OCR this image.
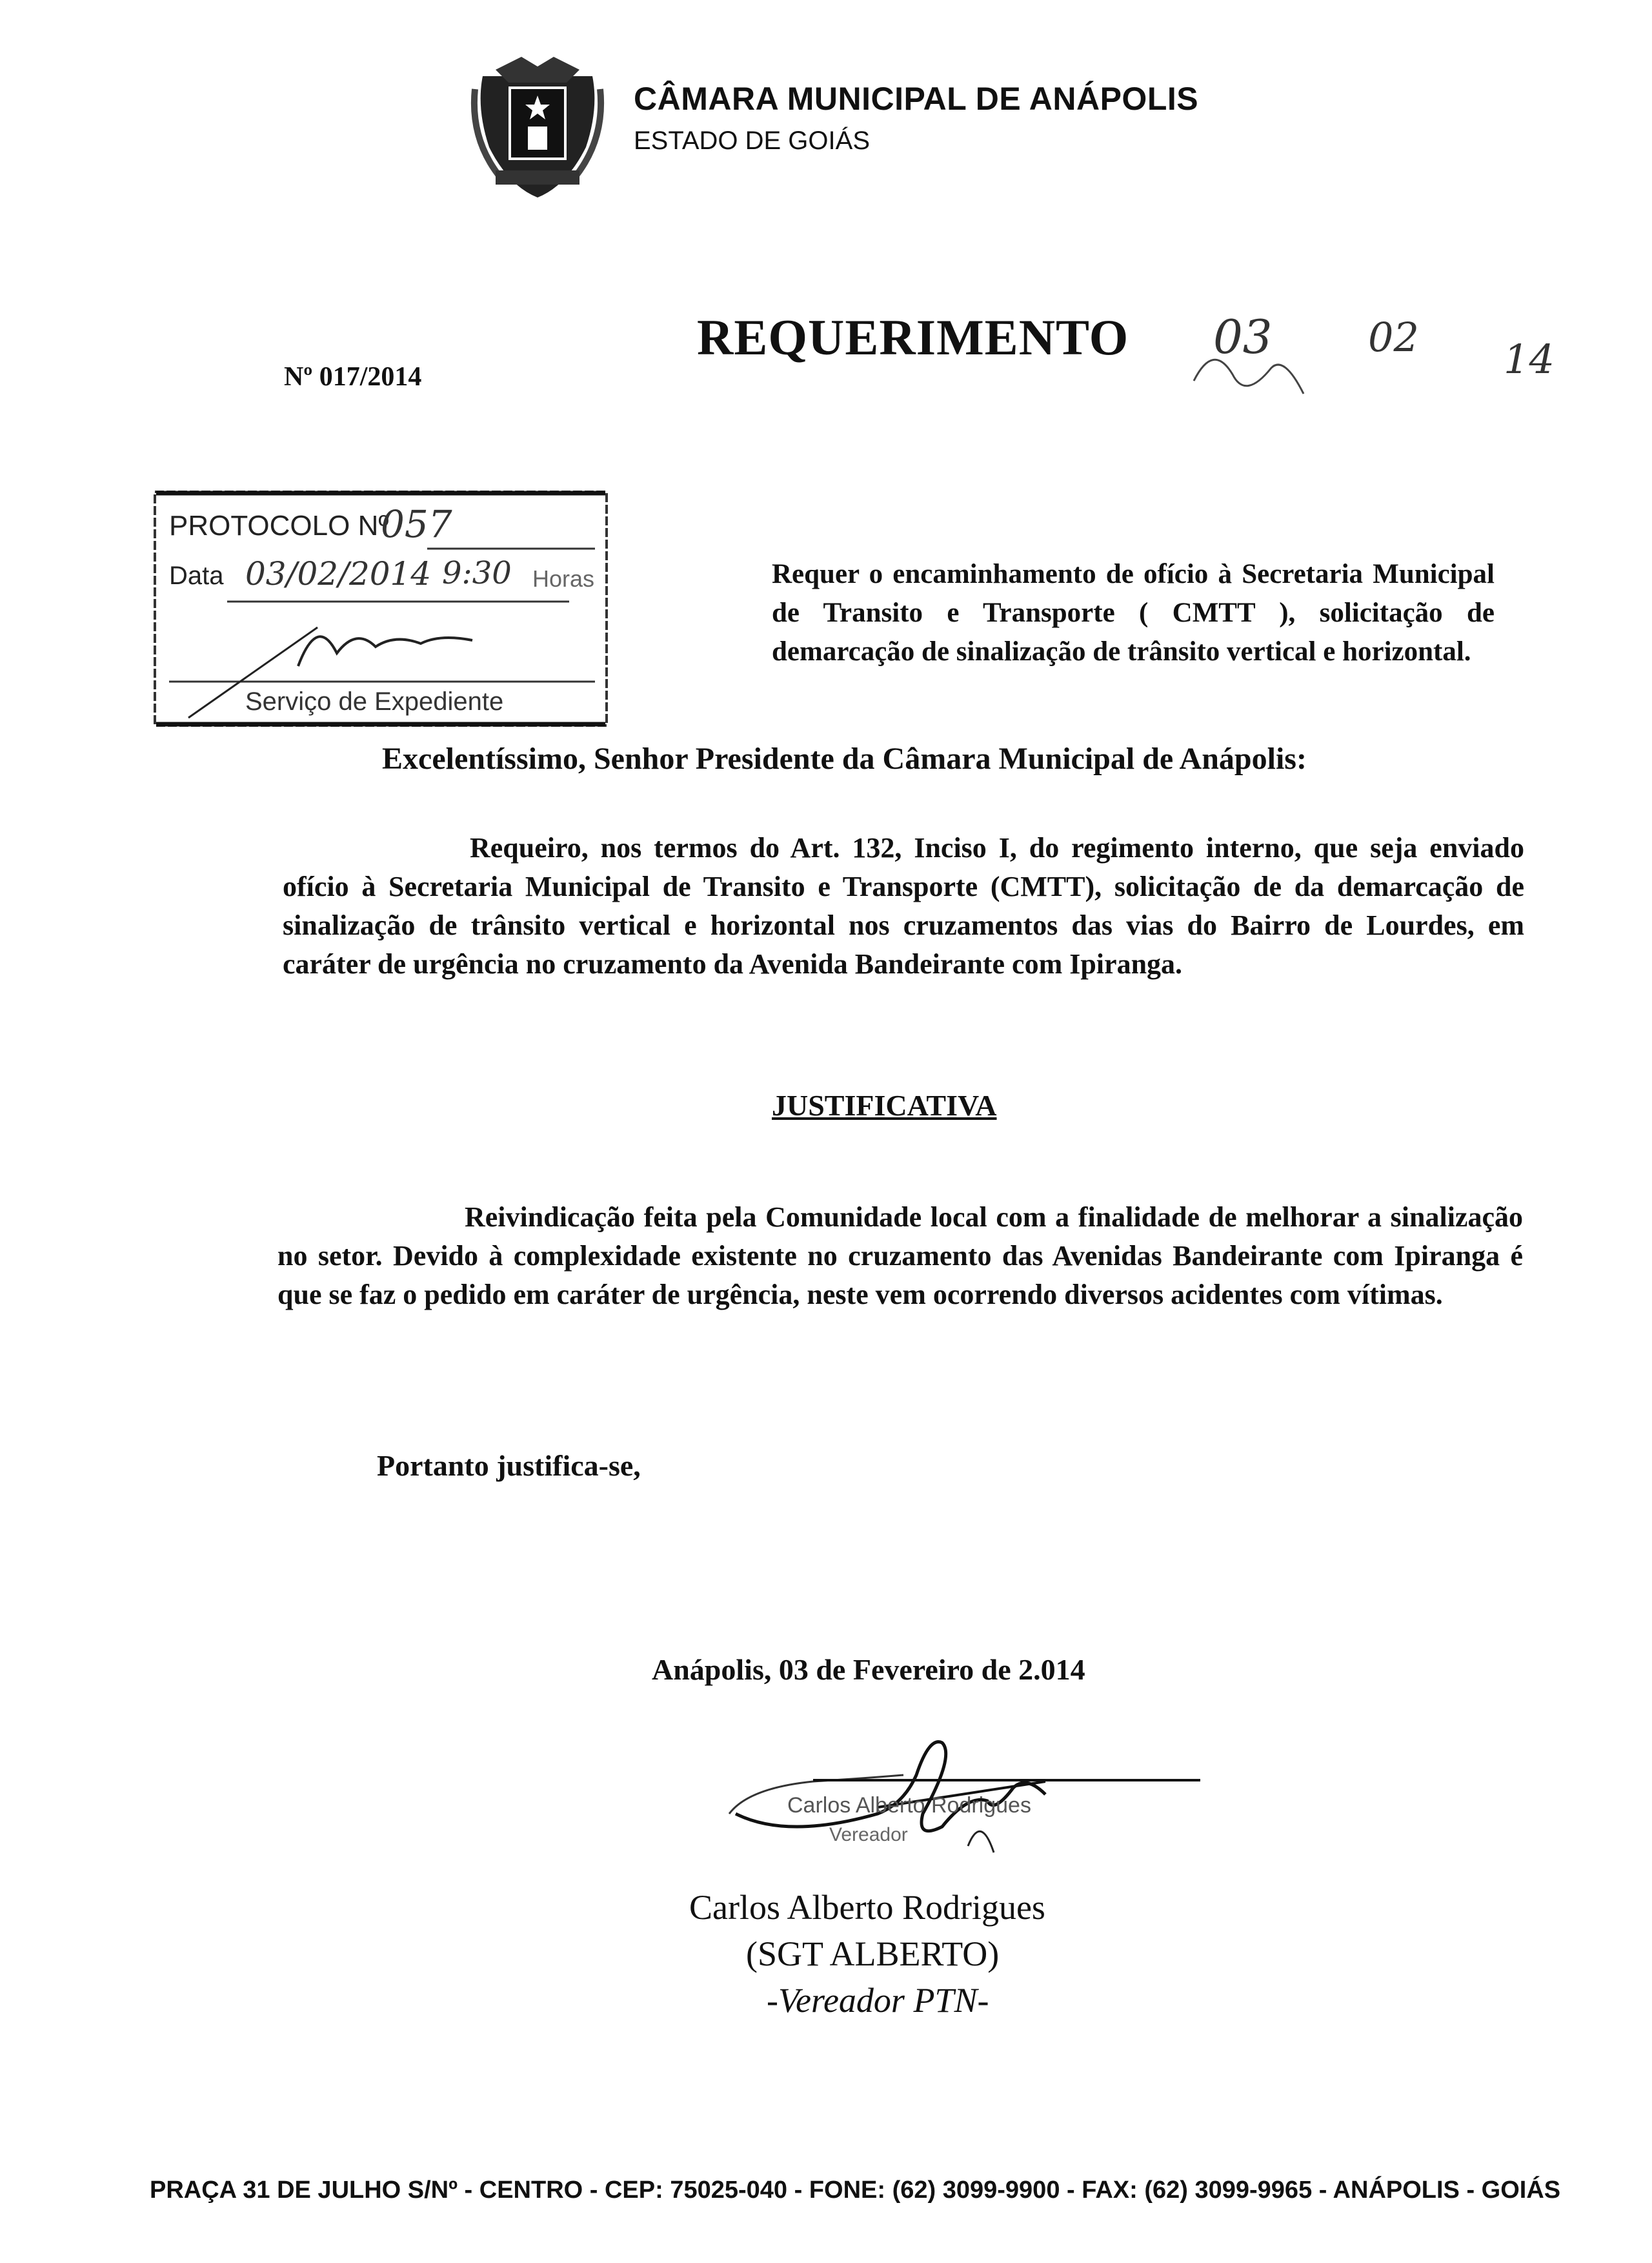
CÂMARA MUNICIPAL DE ANÁPOLIS
ESTADO DE GOIÁS
Nº 017/2014
REQUERIMENTO 03 02 14
PROTOCOLO Nº
057
Data 03/02/2014 9:30 Horas
Serviço de Expediente
Requer o encaminhamento de ofício à Secretaria Municipal de Transito e Transporte ( CMTT ), solicitação de demarcação de sinalização de trânsito vertical e horizontal.
Excelentíssimo, Senhor Presidente da Câmara Municipal de Anápolis:
Requeiro, nos termos do Art. 132, Inciso I, do regimento interno, que seja enviado ofício à Secretaria Municipal de Transito e Transporte (CMTT), solicitação de da demarcação de sinalização de trânsito vertical e horizontal nos cruzamentos das vias do Bairro de Lourdes, em caráter de urgência no cruzamento da Avenida Bandeirante com Ipiranga.
JUSTIFICATIVA
Reivindicação feita pela Comunidade local com a finalidade de melhorar a sinalização no setor. Devido à complexidade existente no cruzamento das Avenidas Bandeirante com Ipiranga é que se faz o pedido em caráter de urgência, neste vem ocorrendo diversos acidentes com vítimas.
Portanto justifica-se,
Anápolis, 03 de Fevereiro de 2.014
Carlos Alberto Rodrigues
Vereador
Carlos Alberto Rodrigues
(SGT ALBERTO)
-Vereador PTN-
PRAÇA 31 DE JULHO S/Nº - CENTRO - CEP: 75025-040 - FONE: (62) 3099-9900 - FAX: (62) 3099-9965 - ANÁPOLIS - GOIÁS
